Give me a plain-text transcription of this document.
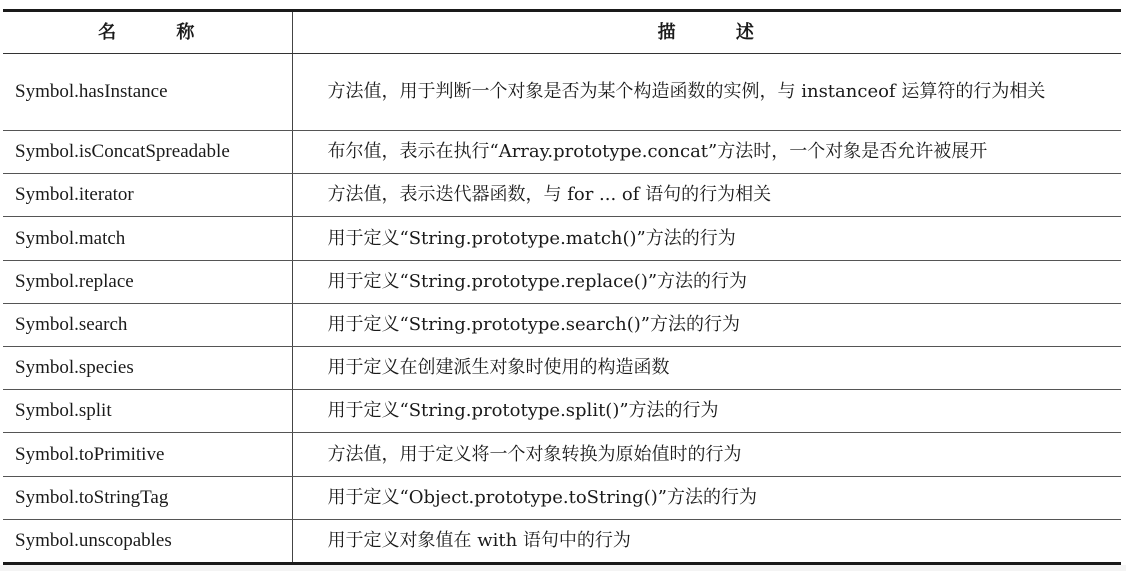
名 称	描 述
Symbol.hasInstance	方法值，用于判断一个对象是否为某个构造函数的实例，与 instanceof 运算符的行为相关

Symbol.isConcatSpreadable	布尔值，表示在执行“Array.prototype.concat”方法时，一个对象是否允许被展开

Symbol.iterator	方法值，表示迭代器函数，与 for ... of 语句的行为相关

Symbol.match	用于定义“String.prototype.match()”方法的行为

Symbol.replace	用于定义“String.prototype.replace()”方法的行为

Symbol.search	用于定义“String.prototype.search()”方法的行为

Symbol.species	用于定义在创建派生对象时使用的构造函数

Symbol.split	用于定义“String.prototype.split()”方法的行为

Symbol.toPrimitive	方法值，用于定义将一个对象转换为原始值时的行为

Symbol.toStringTag	用于定义“Object.prototype.toString()”方法的行为

Symbol.unscopables	用于定义对象值在 with 语句中的行为
